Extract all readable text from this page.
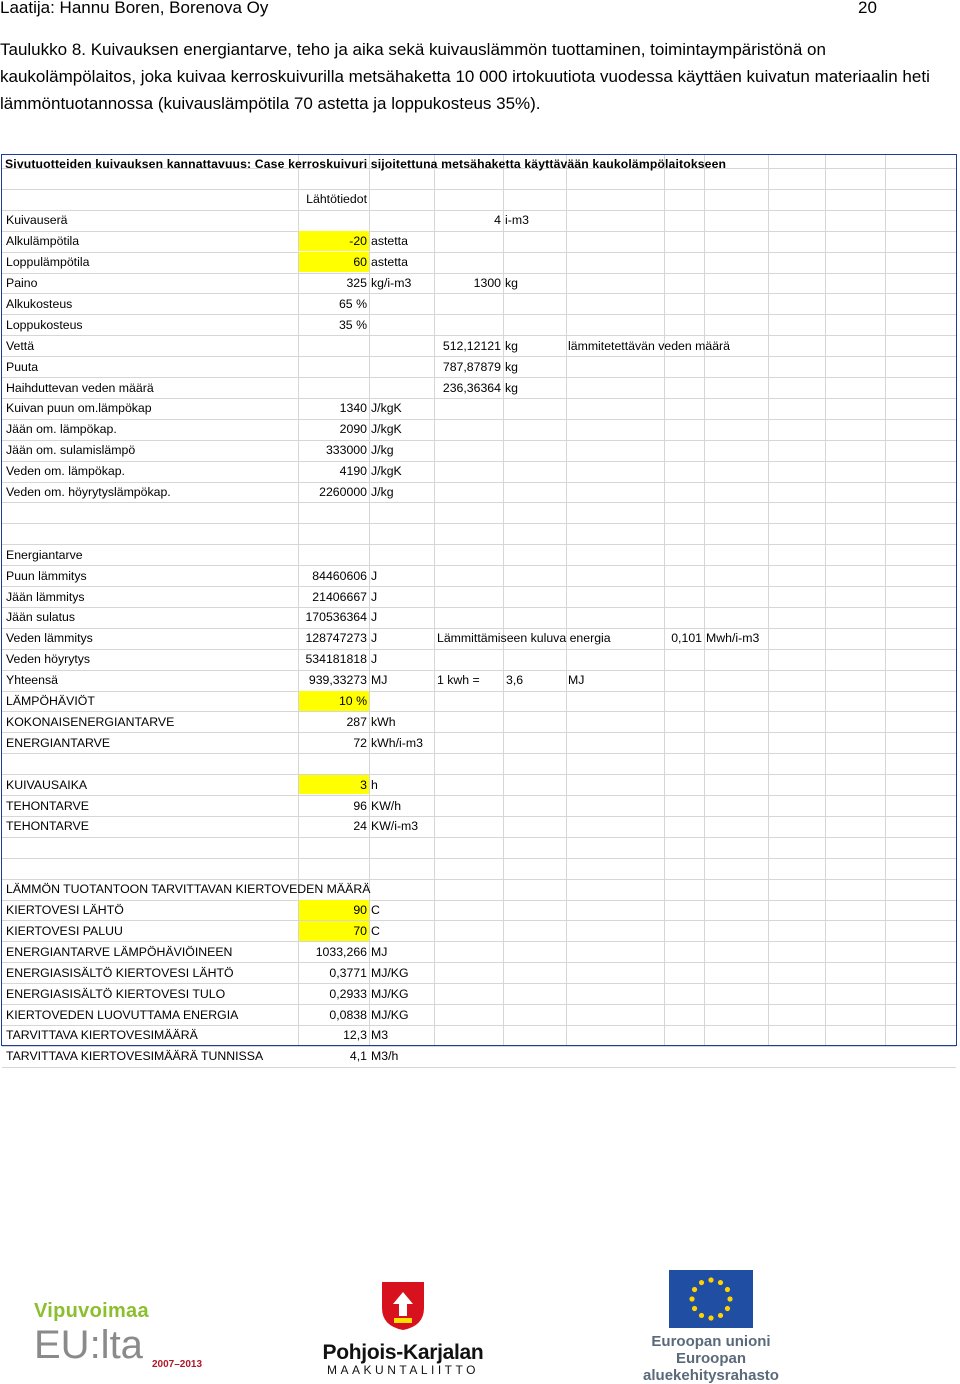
Laatija: Hannu Boren, Borenova Oy	20
Taulukko 8. Kuivauksen energiantarve, teho ja aika sekä kuivauslämmön tuottaminen, toimintaympäristönä on kaukolämpölaitos, joka kuivaa kerroskuivurilla metsähaketta 10 000 irtokuutiota vuodessa käyttäen kuivatun materiaalin heti lämmöntuotannossa (kuivauslämpötila 70 astetta ja loppukosteus 35%).
Sivutuotteiden kuivauksen kannattavuus: Case kerroskuivuri sijoitettuna metsähaketta käyttävään kaukolämpölaitokseen
Lähtötiedot
Kuivauserä	4 i-m3
Alkulämpötila	-20 astetta
Loppulämpötila	60 astetta
Paino	325 kg/i-m3	1300 kg
Alkukosteus	65 %
Loppukosteus	35 %
Vettä	512,12121 kg	lämmitetettävän veden määrä
Puuta	787,87879 kg
Haihduttevan veden määrä	236,36364 kg
Kuivan puun om.lämpökap	1340 J/kgK
Jään om. lämpökap.	2090 J/kgK
Jään om. sulamislämpö	333000 J/kg
Veden om. lämpökap.	4190 J/kgK
Veden om. höyrytyslämpökap.	2260000 J/kg
Energiantarve
Puun lämmitys	84460606 J
Jään lämmitys	21406667 J
Jään sulatus	170536364 J
Veden lämmitys	128747273 J	Lämmittämiseen kuluva energia	0,101 Mwh/i-m3
Veden höyrytys	534181818 J
Yhteensä	939,33273 MJ	1 kwh =	3,6	MJ
LÄMPÖHÄVIÖT	10 %
KOKONAISENERGIANTARVE	287 kWh
ENERGIANTARVE	72 kWh/i-m3
KUIVAUSAIKA	3 h
TEHONTARVE	96 KW/h
TEHONTARVE	24 KW/i-m3
LÄMMÖN TUOTANTOON TARVITTAVAN KIERTOVEDEN MÄÄRÄ
KIERTOVESI LÄHTÖ	90 C
KIERTOVESI PALUU	70 C
ENERGIANTARVE LÄMPÖHÄVIÖINEEN	1033,266 MJ
ENERGIASISÄLTÖ KIERTOVESI LÄHTÖ	0,3771 MJ/KG
ENERGIASISÄLTÖ KIERTOVESI TULO	0,2933 MJ/KG
KIERTOVEDEN LUOVUTTAMA ENERGIA	0,0838 MJ/KG
TARVITTAVA KIERTOVESIMÄÄRÄ	12,3 M3
TARVITTAVA KIERTOVESIMÄÄRÄ TUNNISSA	4,1 M3/h
Vipuvoimaa
EU:lta 2007–2013
Pohjois-Karjalan
MAAKUNTALIITTO
Euroopan unioni
Euroopan aluekehitysrahasto
